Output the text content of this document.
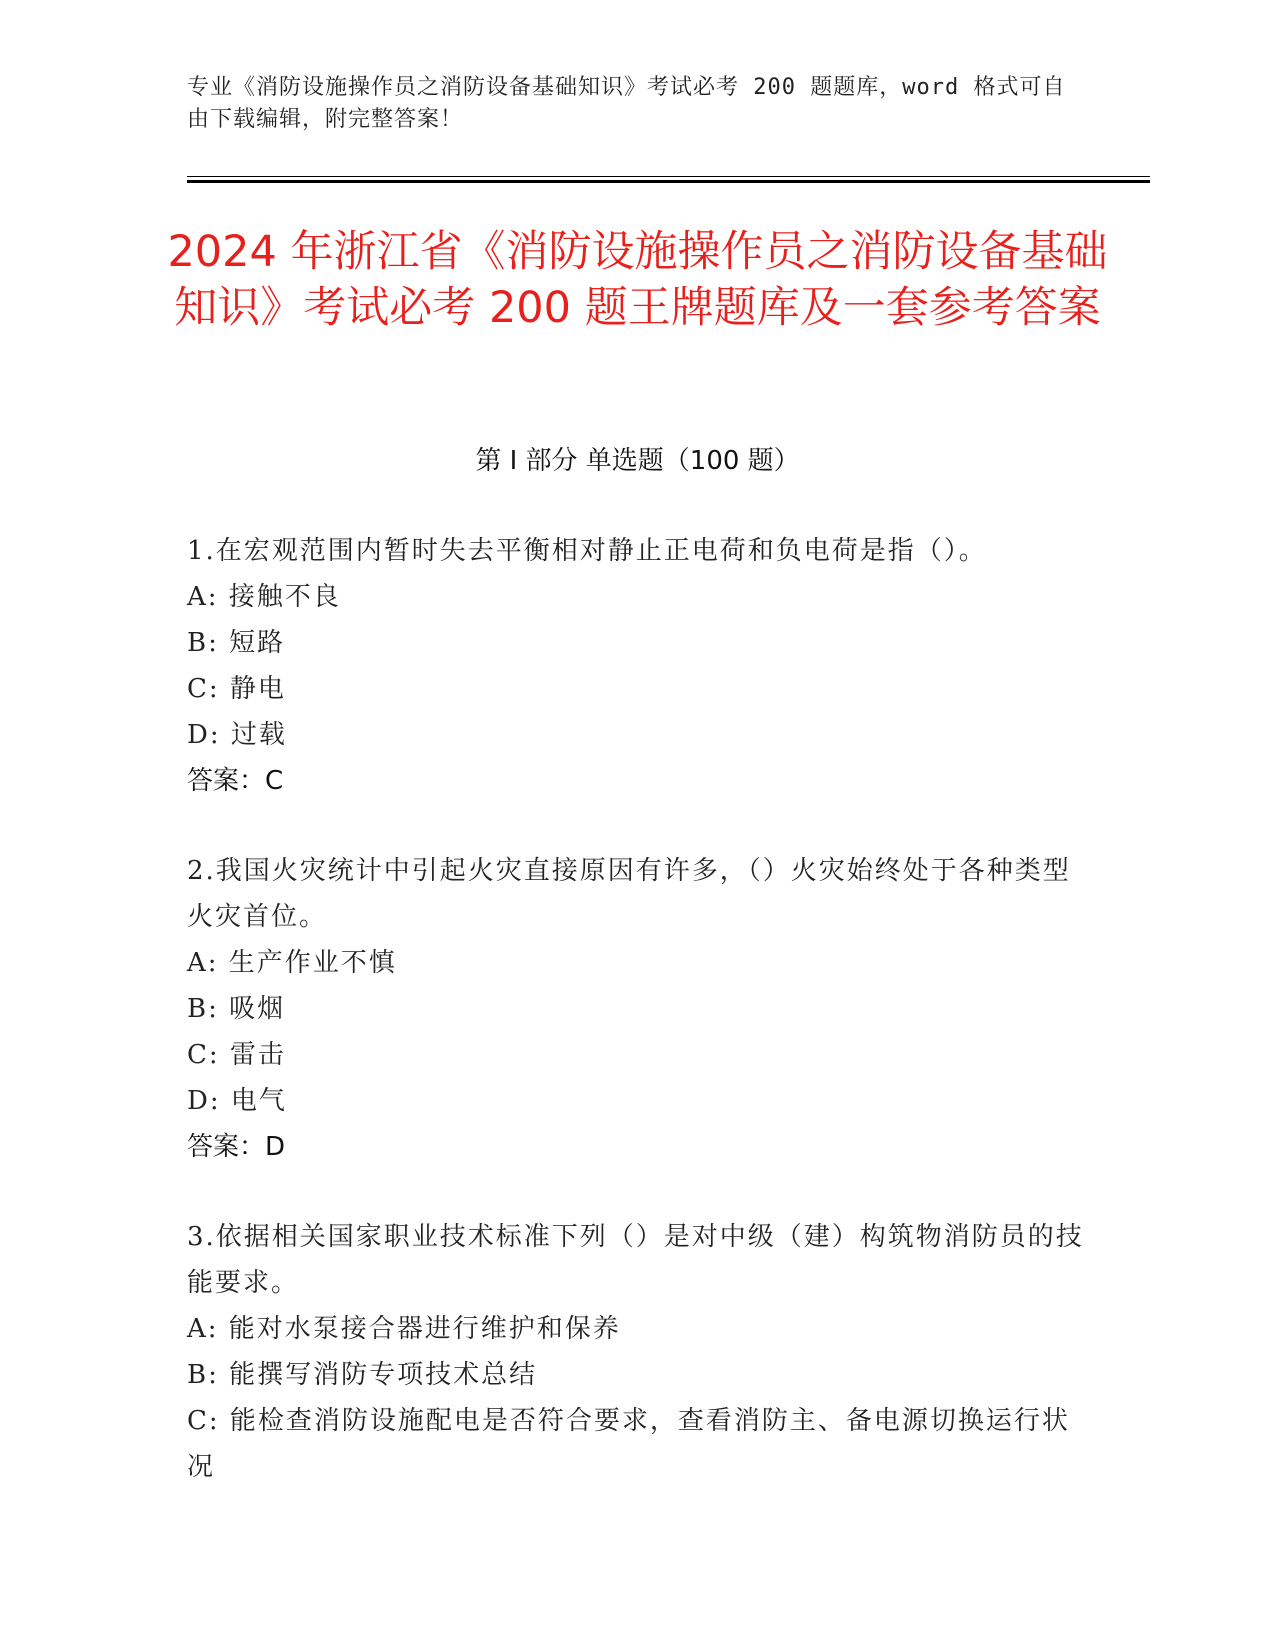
专业《消防设施操作员之消防设备基础知识》考试必考 200 题题库，word 格式可自由下载编辑，附完整答案！
2024 年浙江省《消防设施操作员之消防设备基础知识》考试必考 200 题王牌题库及一套参考答案
第 I 部分 单选题（100 题）
1.在宏观范围内暂时失去平衡相对静止正电荷和负电荷是指（）。
A: 接触不良
B: 短路
C: 静电
D: 过载
答案：C
2.我国火灾统计中引起火灾直接原因有许多，（）火灾始终处于各种类型火灾首位。
A: 生产作业不慎
B: 吸烟
C: 雷击
D: 电气
答案：D
3.依据相关国家职业技术标准下列（）是对中级（建）构筑物消防员的技能要求。
A: 能对水泵接合器进行维护和保养
B: 能撰写消防专项技术总结
C: 能检查消防设施配电是否符合要求，查看消防主、备电源切换运行状况
